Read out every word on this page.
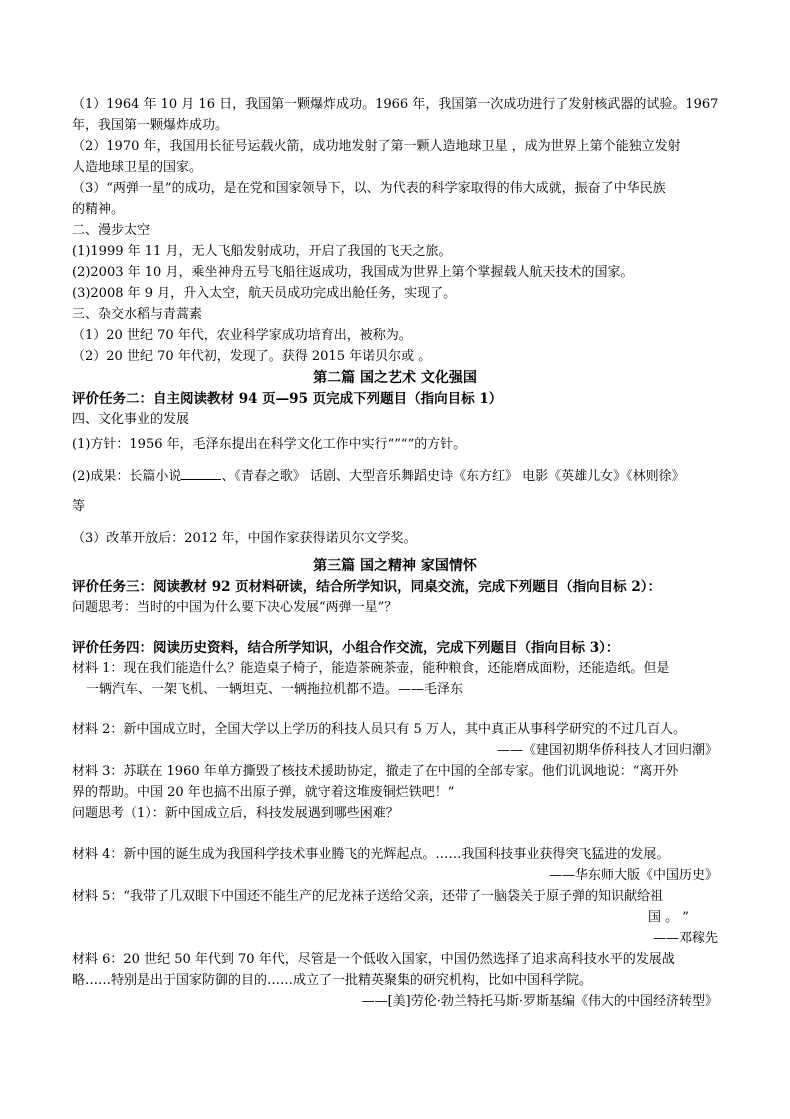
（1）1964 年 10 月 16 日，我国第一颗爆炸成功。1966 年，我国第一次成功进行了发射核武器的试验。1967
年，我国第一颗爆炸成功。
（2）1970 年，我国用长征号运载火箭，成功地发射了第一颗人造地球卫星 ，成为世界上第个能独立发射
人造地球卫星的国家。
（3）“两弹一星”的成功，是在党和国家领导下，以、为代表的科学家取得的伟大成就，振奋了中华民族
的精神。
二、漫步太空
(1)1999 年 11 月，无人飞船发射成功，开启了我国的飞天之旅。
(2)2003 年 10 月，乘坐神舟五号飞船往返成功，我国成为世界上第个掌握载人航天技术的国家。
(3)2008 年 9 月，升入太空，航天员成功完成出舱任务，实现了。
三、杂交水稻与青蒿素
（1）20 世纪 70 年代，农业科学家成功培育出，被称为。
（2）20 世纪 70 年代初，发现了。获得 2015 年诺贝尔或 。
第二篇 国之艺术 文化强国
评价任务二：自主阅读教材 94 页—95 页完成下列题目（指向目标 1）
四、文化事业的发展
(1)方针：1956 年，毛泽东提出在科学文化工作中实行“”“”的方针。
(2)成果：长篇小说	、《青春之歌》 话剧、大型音乐舞蹈史诗《东方红》 电影《英雄儿女》《林则徐》
等
（3）改革开放后：2012 年，中国作家获得诺贝尔文学奖。
第三篇 国之精神 家国情怀
评价任务三：阅读教材 92 页材料研读，结合所学知识，同桌交流，完成下列题目（指向目标 2）：
问题思考：当时的中国为什么要下决心发展“两弹一星”？
评价任务四：阅读历史资料，结合所学知识，小组合作交流，完成下列题目（指向目标 3）：
材料 1：现在我们能造什么？能造桌子椅子，能造茶碗茶壶，能种粮食，还能磨成面粉，还能造纸。但是
一辆汽车、一架飞机、一辆坦克、一辆拖拉机都不造。——毛泽东
材料 2：新中国成立时，全国大学以上学历的科技人员只有 5 万人，其中真正从事科学研究的不过几百人。
——《建国初期华侨科技人才回归潮》
材料 3：苏联在 1960 年单方撕毁了核技术援助协定，撤走了在中国的全部专家。他们讥讽地说：“离开外
界的帮助。中国 20 年也搞不出原子弹，就守着这堆废铜烂铁吧！”
问题思考（1）：新中国成立后，科技发展遇到哪些困难？
材料 4：新中国的诞生成为我国科学技术事业腾飞的光辉起点。……我国科技事业获得突飞猛进的发展。
——华东师大版《中国历史》
材料 5：“我带了几双眼下中国还不能生产的尼龙袜子送给父亲，还带了一脑袋关于原子弹的知识献给祖
国 。 ”
——邓稼先
材料 6：20 世纪 50 年代到 70 年代，尽管是一个低收入国家，中国仍然选择了追求高科技水平的发展战
略……特别是出于国家防御的目的……成立了一批精英聚集的研究机构，比如中国科学院。
——[美]劳伦·勃兰特托马斯·罗斯基编《伟大的中国经济转型》
